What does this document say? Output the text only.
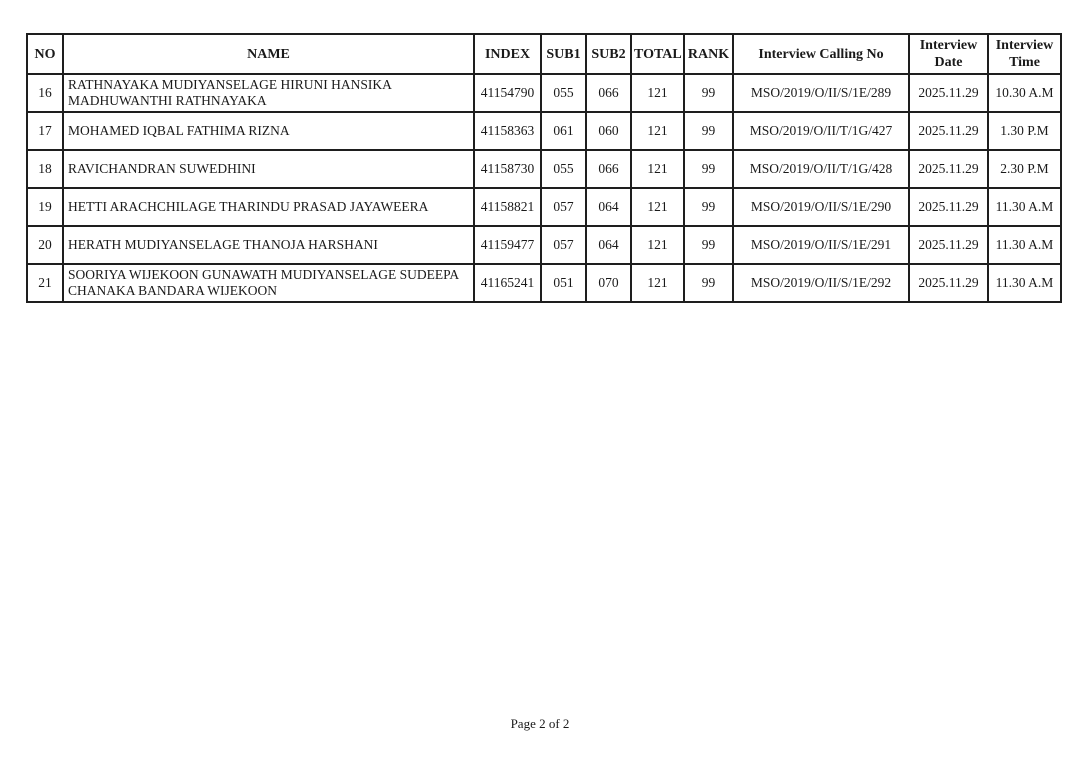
NO	NAME	INDEX	SUB1	SUB2	TOTAL	RANK	Interview Calling No	Interview Date	Interview Time
16	RATHNAYAKA MUDIYANSELAGE HIRUNI HANSIKA MADHUWANTHI RATHNAYAKA	41154790	055	066	121	99	MSO/2019/O/II/S/1E/289	2025.11.29	10.30 A.M
17	MOHAMED IQBAL FATHIMA RIZNA	41158363	061	060	121	99	MSO/2019/O/II/T/1G/427	2025.11.29	1.30 P.M
18	RAVICHANDRAN SUWEDHINI	41158730	055	066	121	99	MSO/2019/O/II/T/1G/428	2025.11.29	2.30 P.M
19	HETTI ARACHCHILAGE THARINDU PRASAD JAYAWEERA	41158821	057	064	121	99	MSO/2019/O/II/S/1E/290	2025.11.29	11.30 A.M
20	HERATH MUDIYANSELAGE THANOJA HARSHANI	41159477	057	064	121	99	MSO/2019/O/II/S/1E/291	2025.11.29	11.30 A.M
21	SOORIYA WIJEKOON GUNAWATH MUDIYANSELAGE SUDEEPA CHANAKA BANDARA WIJEKOON	41165241	051	070	121	99	MSO/2019/O/II/S/1E/292	2025.11.29	11.30 A.M
Page 2 of 2
